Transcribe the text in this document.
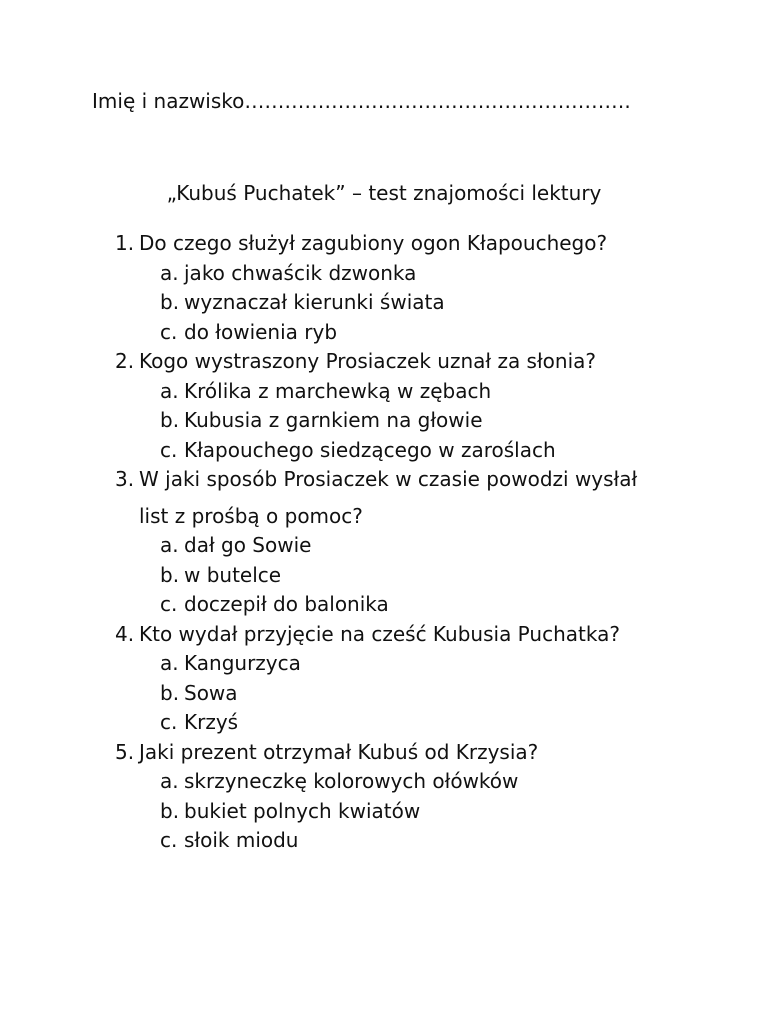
Imię i nazwisko………………………………………………….
„Kubuś Puchatek” – test znajomości lektury
1. Do czego służył zagubiony ogon Kłapouchego?
a. jako chwaścik dzwonka
b. wyznaczał kierunki świata
c. do łowienia ryb
2. Kogo wystraszony Prosiaczek uznał za słonia?
a. Królika z marchewką w zębach
b. Kubusia z garnkiem na głowie
c. Kłapouchego siedzącego w zaroślach
3. W jaki sposób Prosiaczek w czasie powodzi wysłał
list z prośbą o pomoc?
a. dał go Sowie
b. w butelce
c. doczepił do balonika
4. Kto wydał przyjęcie na cześć Kubusia Puchatka?
a. Kangurzyca
b. Sowa
c. Krzyś
5. Jaki prezent otrzymał Kubuś od Krzysia?
a. skrzyneczkę kolorowych ołówków
b. bukiet polnych kwiatów
c. słoik miodu
